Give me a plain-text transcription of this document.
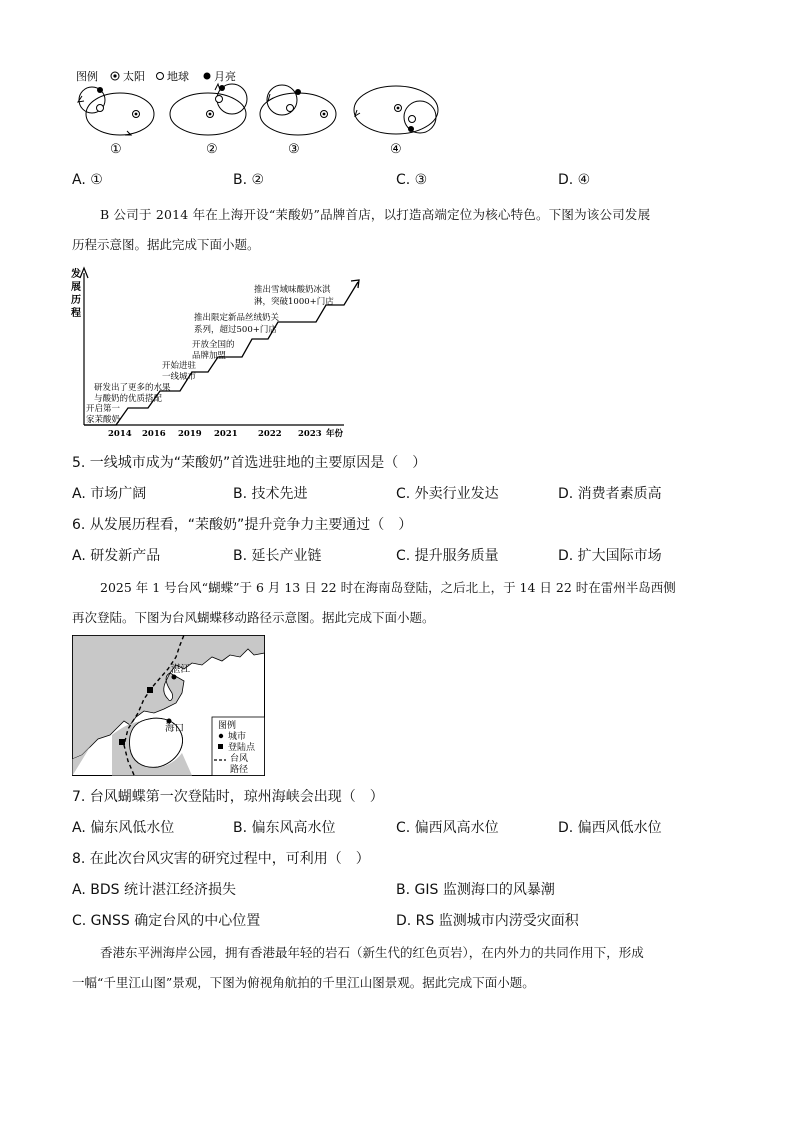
图例 太阳 地球 月亮
①	②	③	④
A. ①	B. ②	C. ③	D. ④
B 公司于 2014 年在上海开设“茉酸奶”品牌首店，以打造高端定位为核心特色。下图为该公司发展
历程示意图。据此完成下面小题。
发
展
历
程
开启第一
家茉酸奶
研发出了更多的水果
与酸奶的优质搭配
开始进驻
一线城市
开放全国的
品牌加盟
推出限定新品丝绒奶关
系列，超过500+门店
推出雪域味酸奶冰淇
淋，突破1000+门店
2014 2016 2019 2021 2022 2023 年份
5. 一线城市成为“茉酸奶”首选进驻地的主要原因是（　）
A. 市场广阔	B. 技术先进	C. 外卖行业发达	D. 消费者素质高
6. 从发展历程看，“茉酸奶”提升竞争力主要通过（　）
A. 研发新产品	B. 延长产业链	C. 提升服务质量	D. 扩大国际市场
2025 年 1 号台风“蝴蝶”于 6 月 13 日 22 时在海南岛登陆，之后北上，于 14 日 22 时在雷州半岛西侧
再次登陆。下图为台风蝴蝶移动路径示意图。据此完成下面小题。
湛江
海口	图例
城市
登陆点
台风
路径
7. 台风蝴蝶第一次登陆时，琼州海峡会出现（　）
A. 偏东风低水位	B. 偏东风高水位	C. 偏西风高水位	D. 偏西风低水位
8. 在此次台风灾害的研究过程中，可利用（　）
A. BDS 统计湛江经济损失	B. GIS 监测海口的风暴潮
C. GNSS 确定台风的中心位置	D. RS 监测城市内涝受灾面积
香港东平洲海岸公园，拥有香港最年轻的岩石（新生代的红色页岩），在内外力的共同作用下，形成
一幅“千里江山图”景观，下图为俯视角航拍的千里江山图景观。据此完成下面小题。
